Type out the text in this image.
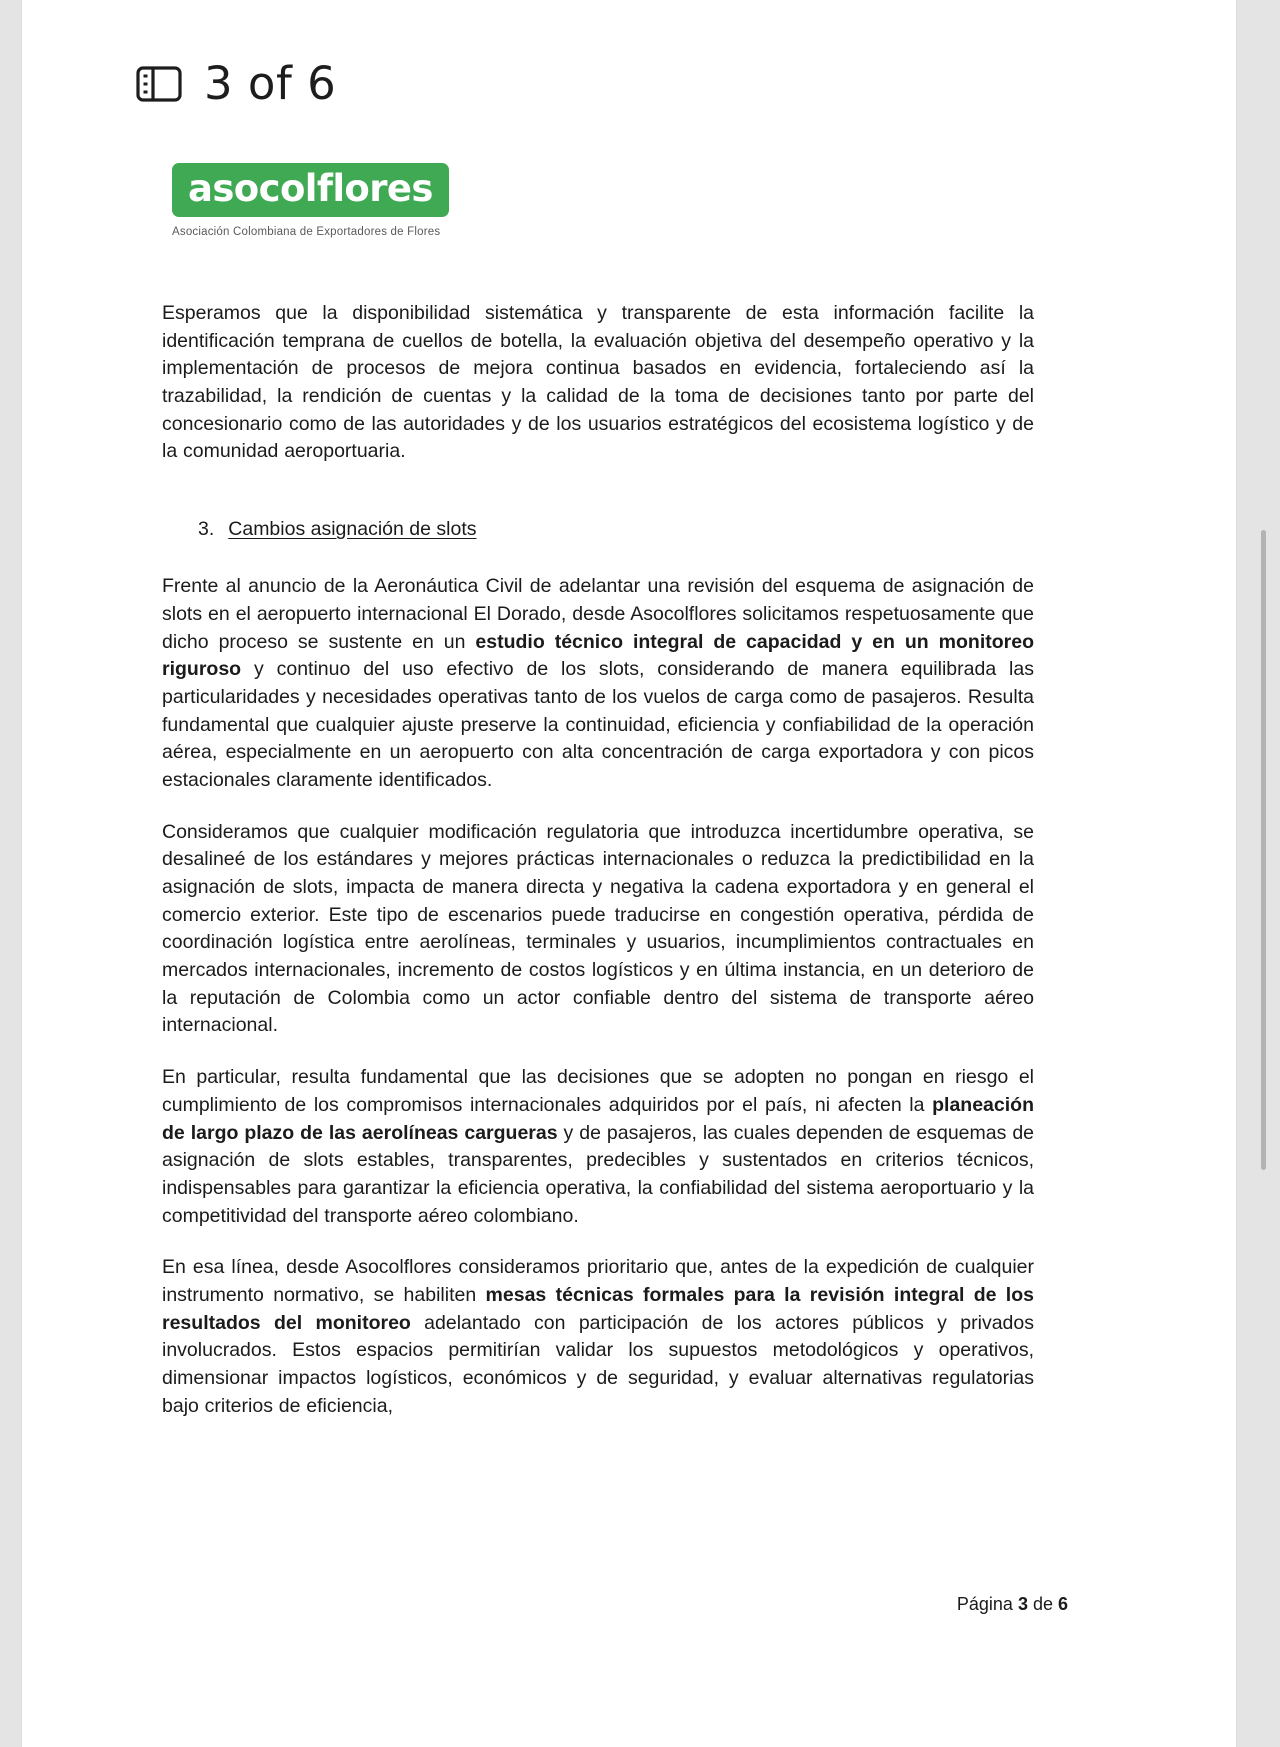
3 of 6
asocolflores
Asociación Colombiana de Exportadores de Flores

Esperamos que la disponibilidad sistemática y transparente de esta información facilite la identificación temprana de cuellos de botella, la evaluación objetiva del desempeño operativo y la implementación de procesos de mejora continua basados en evidencia, fortaleciendo así la trazabilidad, la rendición de cuentas y la calidad de la toma de decisiones tanto por parte del concesionario como de las autoridades y de los usuarios estratégicos del ecosistema logístico y de la comunidad aeroportuaria.

3. Cambios asignación de slots

Frente al anuncio de la Aeronáutica Civil de adelantar una revisión del esquema de asignación de slots en el aeropuerto internacional El Dorado, desde Asocolflores solicitamos respetuosamente que dicho proceso se sustente en un estudio técnico integral de capacidad y en un monitoreo riguroso y continuo del uso efectivo de los slots, considerando de manera equilibrada las particularidades y necesidades operativas tanto de los vuelos de carga como de pasajeros. Resulta fundamental que cualquier ajuste preserve la continuidad, eficiencia y confiabilidad de la operación aérea, especialmente en un aeropuerto con alta concentración de carga exportadora y con picos estacionales claramente identificados.

Consideramos que cualquier modificación regulatoria que introduzca incertidumbre operativa, se desalineé de los estándares y mejores prácticas internacionales o reduzca la predictibilidad en la asignación de slots, impacta de manera directa y negativa la cadena exportadora y en general el comercio exterior. Este tipo de escenarios puede traducirse en congestión operativa, pérdida de coordinación logística entre aerolíneas, terminales y usuarios, incumplimientos contractuales en mercados internacionales, incremento de costos logísticos y en última instancia, en un deterioro de la reputación de Colombia como un actor confiable dentro del sistema de transporte aéreo internacional.

En particular, resulta fundamental que las decisiones que se adopten no pongan en riesgo el cumplimiento de los compromisos internacionales adquiridos por el país, ni afecten la planeación de largo plazo de las aerolíneas cargueras y de pasajeros, las cuales dependen de esquemas de asignación de slots estables, transparentes, predecibles y sustentados en criterios técnicos, indispensables para garantizar la eficiencia operativa, la confiabilidad del sistema aeroportuario y la competitividad del transporte aéreo colombiano.

En esa línea, desde Asocolflores consideramos prioritario que, antes de la expedición de cualquier instrumento normativo, se habiliten mesas técnicas formales para la revisión integral de los resultados del monitoreo adelantado con participación de los actores públicos y privados involucrados. Estos espacios permitirían validar los supuestos metodológicos y operativos, dimensionar impactos logísticos, económicos y de seguridad, y evaluar alternativas regulatorias bajo criterios de eficiencia,

Página 3 de 6
